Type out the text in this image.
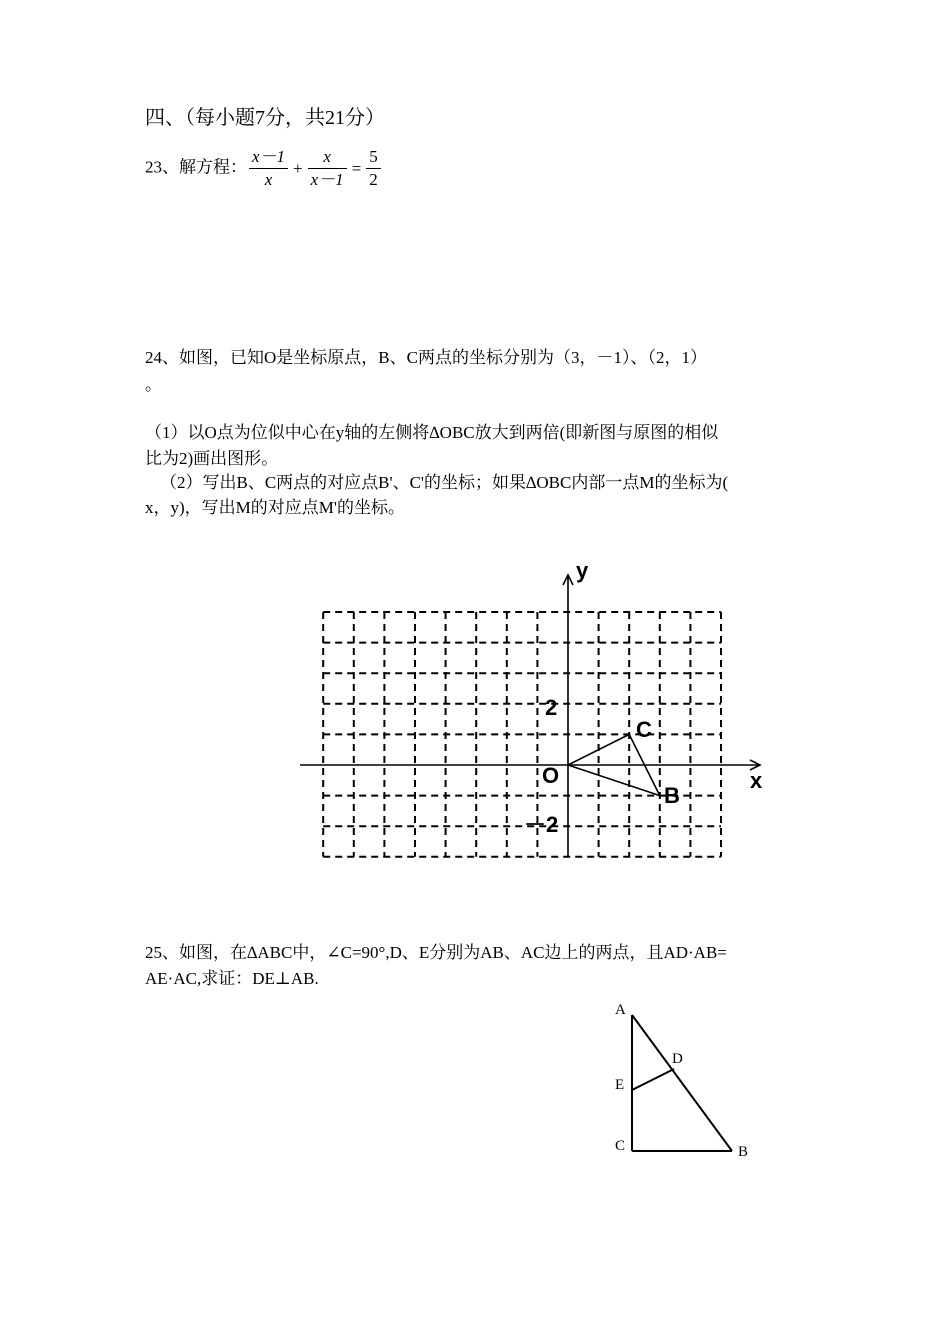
四、（每小题7分，共21分）
23、解方程： $\frac{x-1}{x} + \frac{x}{x-1} = \frac{5}{2}$
24、如图，已知O是坐标原点，B、C两点的坐标分别为（3，－1）、（2，1）
。
（1）以O点为位似中心在y轴的左侧将∆OBC放大到两倍(即新图与原图的相似
比为2)画出图形。
（2）写出B、C两点的对应点B'、C'的坐标；如果∆OBC内部一点M的坐标为(
x，y)，写出M的对应点M'的坐标。
y
x
O
2
－2
C
B
25、如图，在∆ABC中，∠C=90°,D、E分别为AB、AC边上的两点，且AD·AB=
AE·AC,求证：DE⊥AB.
A
D
E
C	B
